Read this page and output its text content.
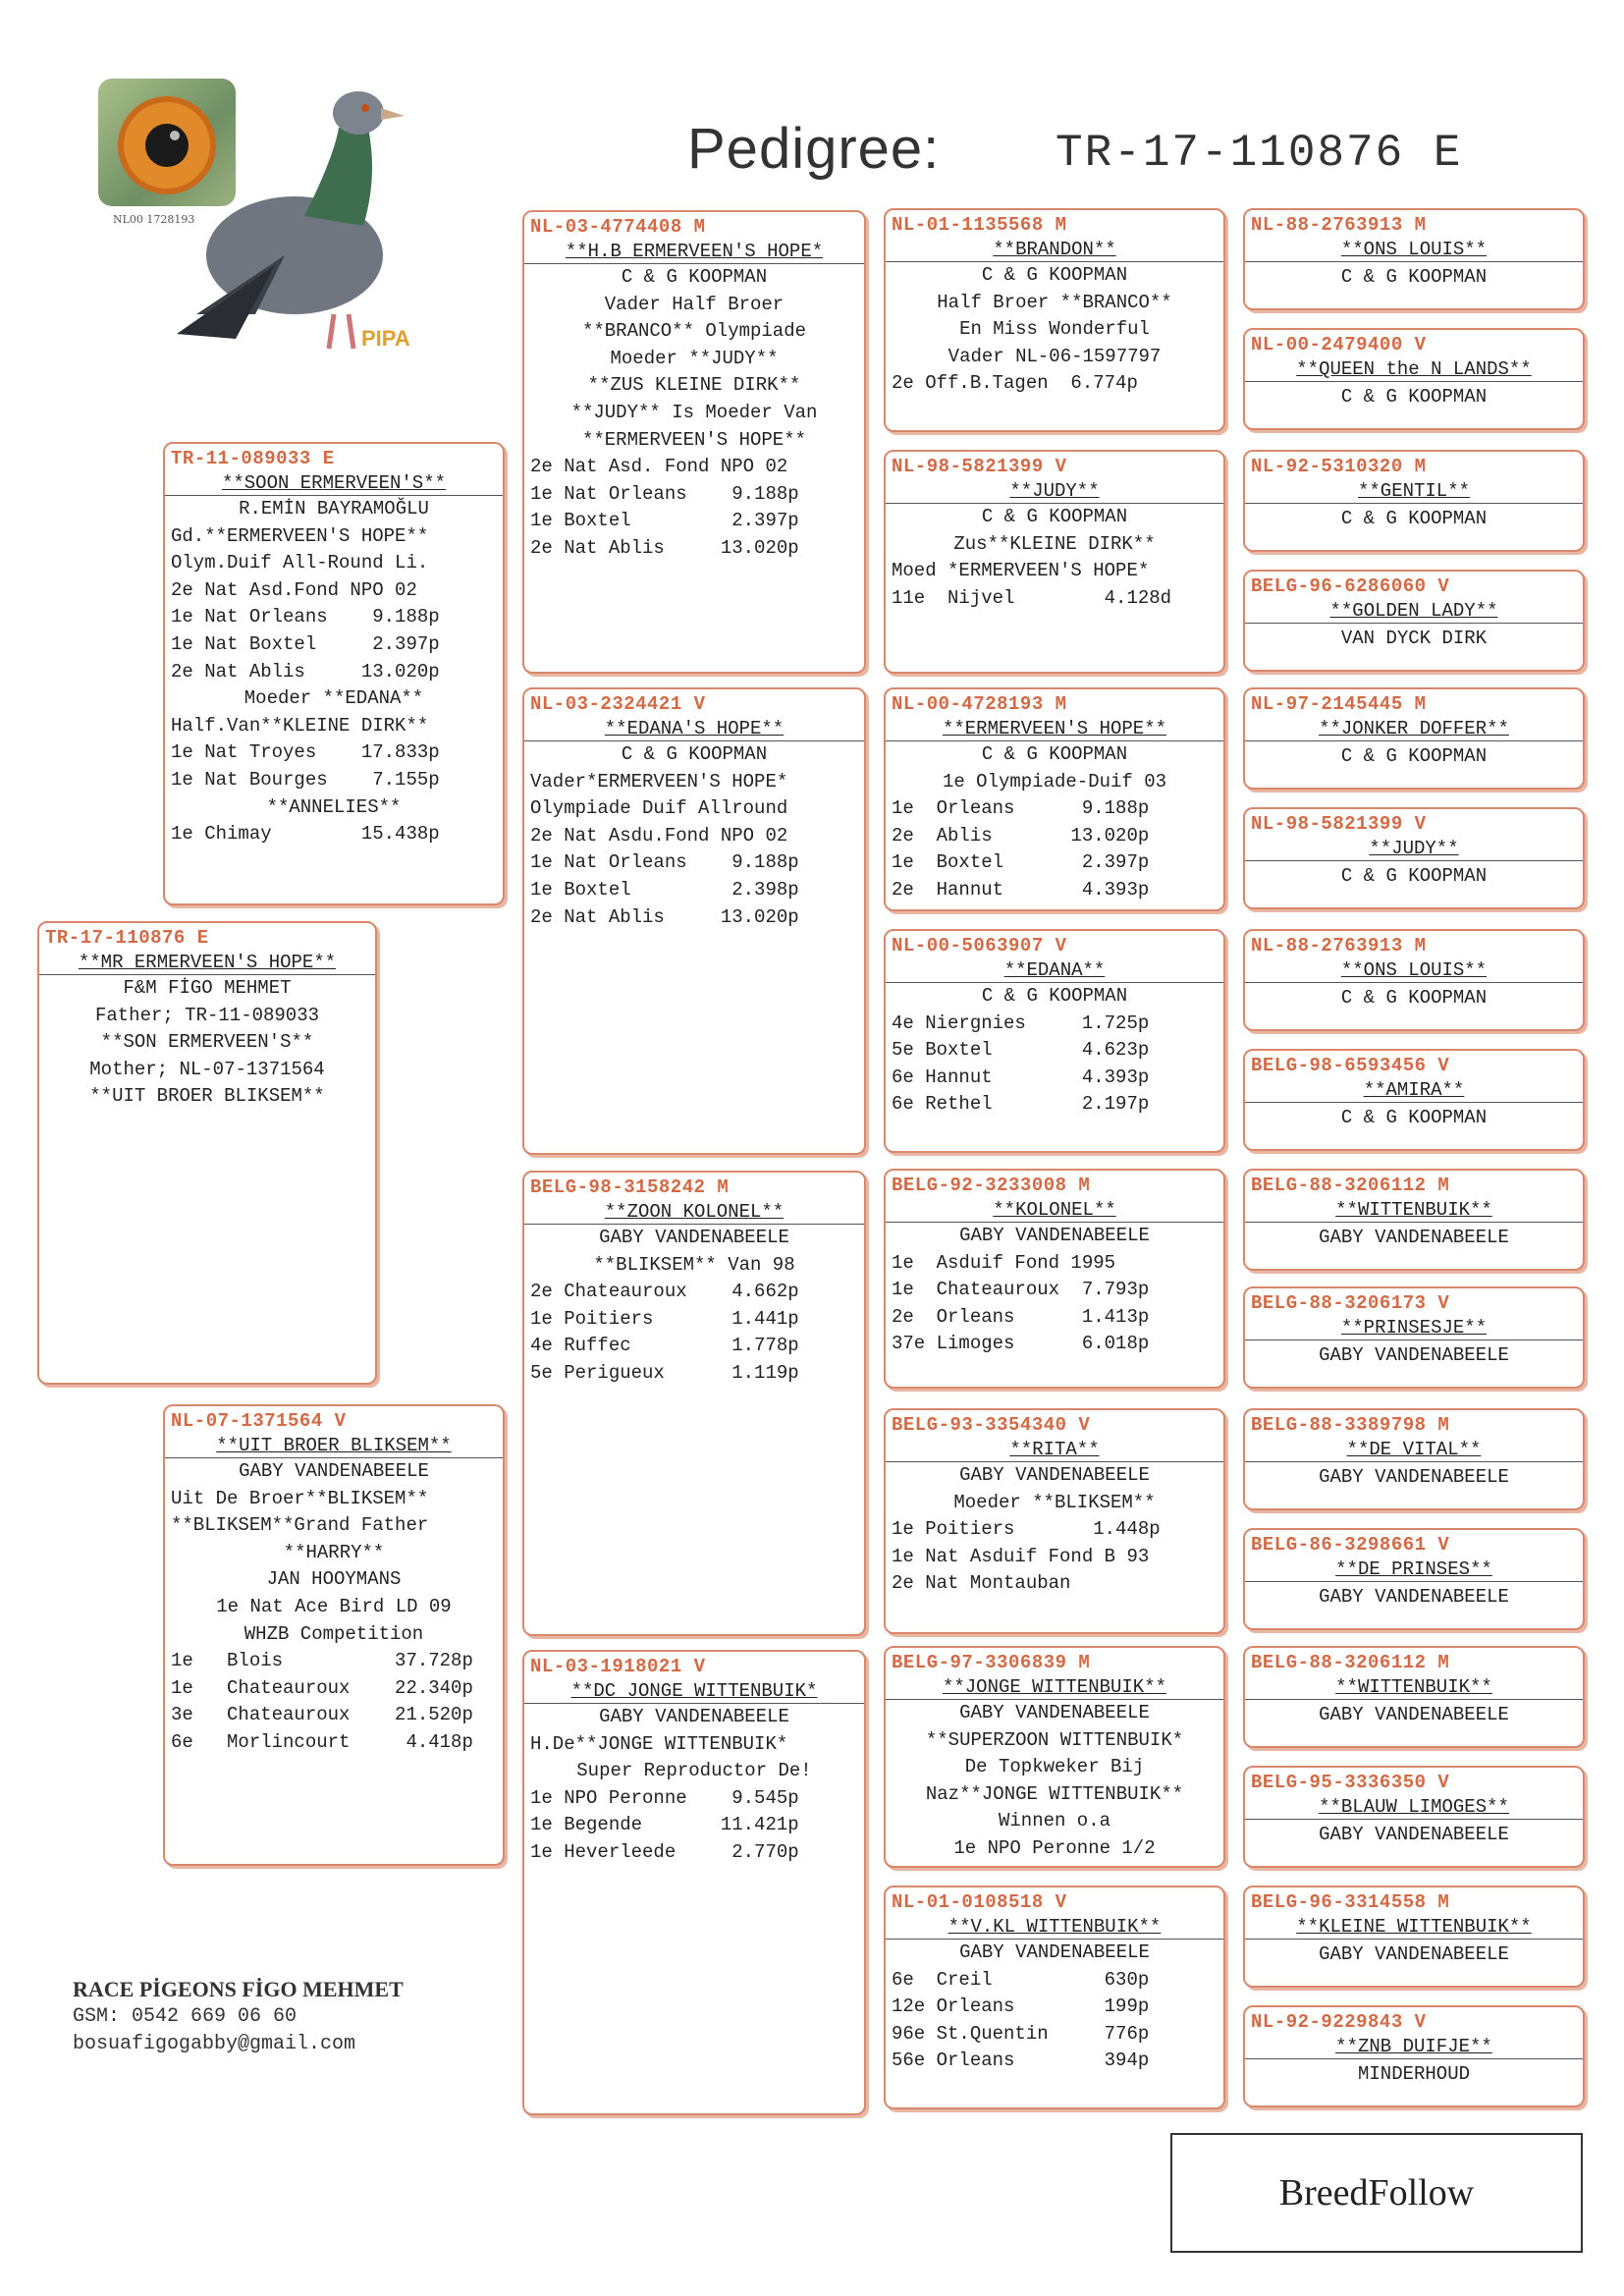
NL00 1728193
PIPA
Pedigree:	TR-17-110876 E
TR-17-110876 E
**MR ERMERVEEN'S HOPE**
F&M FİGO MEHMET
Father; TR-11-089033
**SON ERMERVEEN'S**
Mother; NL-07-1371564
**UIT BROER BLIKSEM**
TR-11-089033 E
**SOON ERMERVEEN'S**
R.EMİN BAYRAMOĞLU
Gd.**ERMERVEEN'S HOPE**
Olym.Duif All-Round Li.
2e Nat Asd.Fond NPO 02
1e Nat Orleans    9.188p
1e Nat Boxtel     2.397p
2e Nat Ablis     13.020p
Moeder **EDANA**
Half.Van**KLEINE DIRK**
1e Nat Troyes    17.833p
1e Nat Bourges    7.155p
**ANNELIES**
1e Chimay        15.438p
NL-07-1371564 V
**UIT BROER BLIKSEM**
GABY VANDENABEELE
Uit De Broer**BLIKSEM**
**BLIKSEM**Grand Father
**HARRY**
JAN HOOYMANS
1e Nat Ace Bird LD 09
WHZB Competition
1e   Blois          37.728p
1e   Chateauroux    22.340p
3e   Chateauroux    21.520p
6e   Morlincourt     4.418p
NL-03-4774408 M
**H.B ERMERVEEN'S HOPE*
C & G KOOPMAN
Vader Half Broer
**BRANCO** Olympiade
Moeder **JUDY**
**ZUS KLEINE DIRK**
**JUDY** Is Moeder Van
**ERMERVEEN'S HOPE**
2e Nat Asd. Fond NPO 02
1e Nat Orleans    9.188p
1e Boxtel         2.397p
2e Nat Ablis     13.020p
NL-03-2324421 V
**EDANA'S HOPE**
C & G KOOPMAN
Vader*ERMERVEEN'S HOPE*
Olympiade Duif Allround
2e Nat Asdu.Fond NPO 02
1e Nat Orleans    9.188p
1e Boxtel         2.398p
2e Nat Ablis     13.020p
BELG-98-3158242 M
**ZOON KOLONEL**
GABY VANDENABEELE
**BLIKSEM** Van 98
2e Chateauroux    4.662p
1e Poitiers       1.441p
4e Ruffec         1.778p
5e Perigueux      1.119p
NL-03-1918021 V
**DC JONGE WITTENBUIK*
GABY VANDENABEELE
H.De**JONGE WITTENBUIK*
Super Reproductor De!
1e NPO Peronne    9.545p
1e Begende       11.421p
1e Heverleede     2.770p
NL-01-1135568 M
**BRANDON**
C & G KOOPMAN
Half Broer **BRANCO**
En Miss Wonderful
Vader NL-06-1597797
2e Off.B.Tagen  6.774p
NL-98-5821399 V
**JUDY**
C & G KOOPMAN
Zus**KLEINE DIRK**
Moed *ERMERVEEN'S HOPE*
11e  Nijvel        4.128d
NL-00-4728193 M
**ERMERVEEN'S HOPE**
C & G KOOPMAN
1e Olympiade-Duif 03
1e  Orleans      9.188p
2e  Ablis       13.020p
1e  Boxtel       2.397p
2e  Hannut       4.393p
NL-00-5063907 V
**EDANA**
C & G KOOPMAN
4e Niergnies     1.725p
5e Boxtel        4.623p
6e Hannut        4.393p
6e Rethel        2.197p
BELG-92-3233008 M
**KOLONEL**
GABY VANDENABEELE
1e  Asduif Fond 1995
1e  Chateauroux  7.793p
2e  Orleans      1.413p
37e Limoges      6.018p
BELG-93-3354340 V
**RITA**
GABY VANDENABEELE
Moeder **BLIKSEM**
1e Poitiers       1.448p
1e Nat Asduif Fond B 93
2e Nat Montauban
BELG-97-3306839 M
**JONGE WITTENBUIK**
GABY VANDENABEELE
**SUPERZOON WITTENBUIK*
De Topkweker Bij
Naz**JONGE WITTENBUIK**
Winnen o.a
1e NPO Peronne 1/2
NL-01-0108518 V
**V.KL WITTENBUIK**
GABY VANDENABEELE
6e  Creil          630p
12e Orleans        199p
96e St.Quentin     776p
56e Orleans        394p
NL-88-2763913 M
**ONS LOUIS**
C & G KOOPMAN
NL-00-2479400 V
**QUEEN the N LANDS**
C & G KOOPMAN
NL-92-5310320 M
**GENTIL**
C & G KOOPMAN
BELG-96-6286060 V
**GOLDEN LADY**
VAN DYCK DIRK
NL-97-2145445 M
**JONKER DOFFER**
C & G KOOPMAN
NL-98-5821399 V
**JUDY**
C & G KOOPMAN
NL-88-2763913 M
**ONS LOUIS**
C & G KOOPMAN
BELG-98-6593456 V
**AMIRA**
C & G KOOPMAN
BELG-88-3206112 M
**WITTENBUIK**
GABY VANDENABEELE
BELG-88-3206173 V
**PRINSESJE**
GABY VANDENABEELE
BELG-88-3389798 M
**DE VITAL**
GABY VANDENABEELE
BELG-86-3298661 V
**DE PRINSES**
GABY VANDENABEELE
BELG-88-3206112 M
**WITTENBUIK**
GABY VANDENABEELE
BELG-95-3336350 V
**BLAUW LIMOGES**
GABY VANDENABEELE
BELG-96-3314558 M
**KLEINE WITTENBUIK**
GABY VANDENABEELE
NL-92-9229843 V
**ZNB DUIFJE**
MINDERHOUD
RACE PİGEONS FİGO MEHMET
GSM: 0542 669 06 60
bosuafigogabby@gmail.com
BreedFollow
